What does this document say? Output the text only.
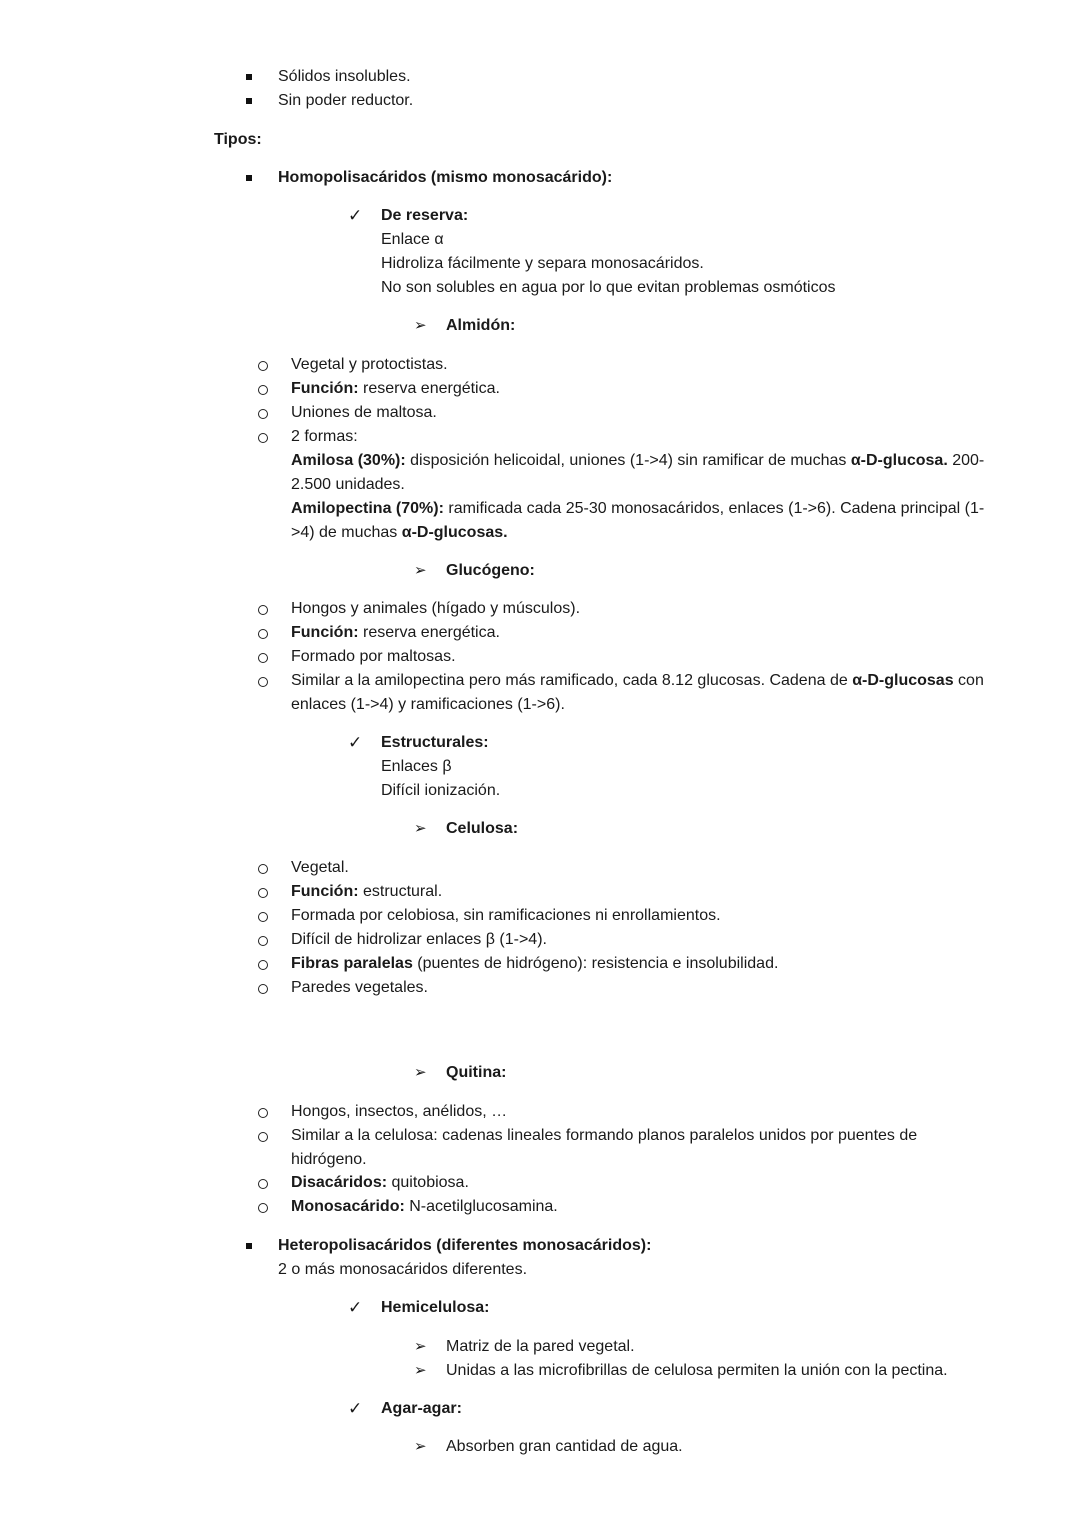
Sólidos insolubles.
Sin poder reductor.
Tipos:
Homopolisacáridos (mismo monosacárido):
✓ De reserva:
Enlace α
Hidroliza fácilmente y separa monosacáridos.
No son solubles en agua por lo que evitan problemas osmóticos
➢ Almidón:
Vegetal y protoctistas.
Función: reserva energética.
Uniones de maltosa.
2 formas:
Amilosa (30%): disposición helicoidal, uniones (1->4) sin ramificar de muchas α-D-glucosa. 200-
2.500 unidades.
Amilopectina (70%): ramificada cada 25-30 monosacáridos, enlaces (1->6). Cadena principal (1-
>4) de muchas α-D-glucosas.
➢ Glucógeno:
Hongos y animales (hígado y músculos).
Función: reserva energética.
Formado por maltosas.
Similar a la amilopectina pero más ramificado, cada 8.12 glucosas. Cadena de α-D-glucosas con
enlaces (1->4) y ramificaciones (1->6).
✓ Estructurales:
Enlaces β
Difícil ionización.
➢ Celulosa:
Vegetal.
Función: estructural.
Formada por celobiosa, sin ramificaciones ni enrollamientos.
Difícil de hidrolizar enlaces β (1->4).
Fibras paralelas (puentes de hidrógeno): resistencia e insolubilidad.
Paredes vegetales.
➢ Quitina:
Hongos, insectos, anélidos, …
Similar a la celulosa: cadenas lineales formando planos paralelos unidos por puentes de
hidrógeno.
Disacáridos: quitobiosa.
Monosacárido: N-acetilglucosamina.
Heteropolisacáridos (diferentes monosacáridos):
2 o más monosacáridos diferentes.
✓ Hemicelulosa:
➢ Matriz de la pared vegetal.
➢ Unidas a las microfibrillas de celulosa permiten la unión con la pectina.
✓ Agar-agar:
➢ Absorben gran cantidad de agua.
